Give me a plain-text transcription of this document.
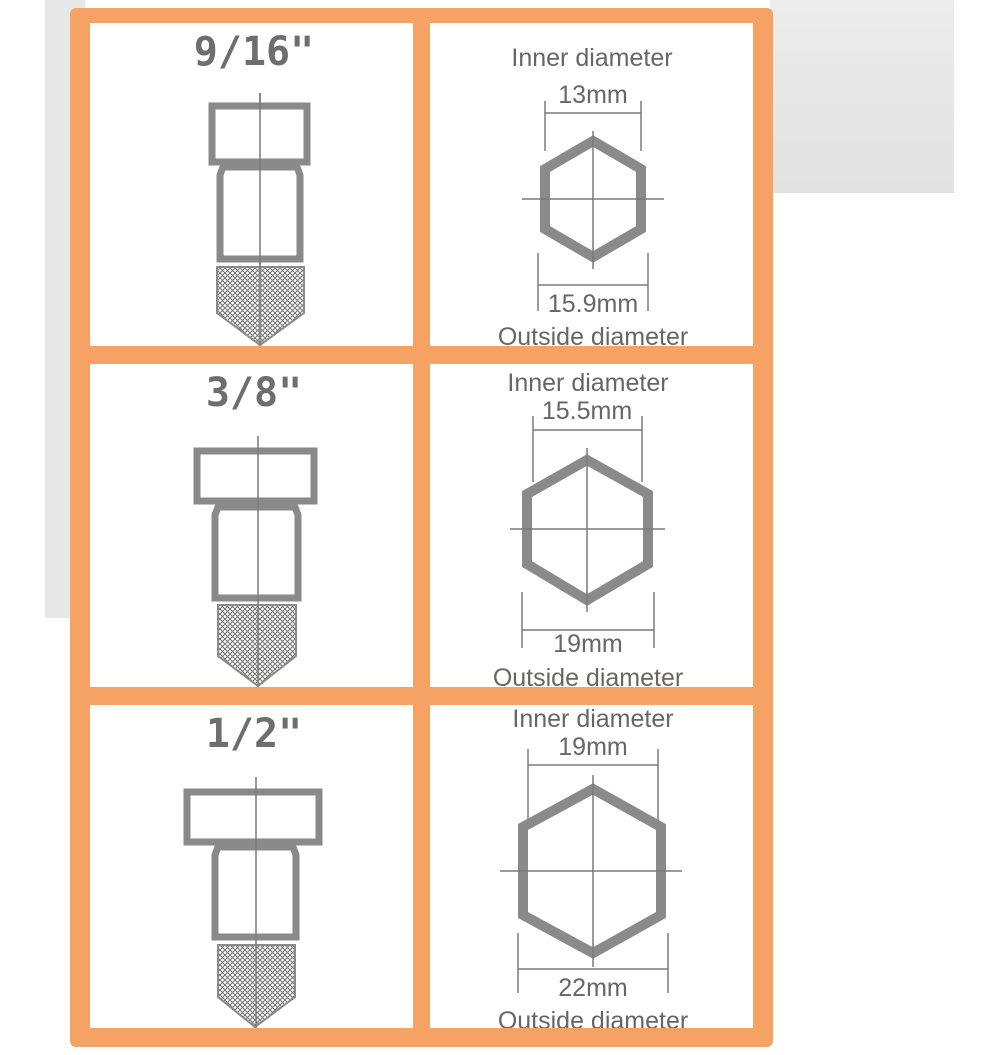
9/16"	Inner diameter
13mm
15.9mm
Outside diameter
3/8"	Inner diameter
15.5mm
19mm
Outside diameter
1/2"	Inner diameter
19mm
22mm
Outside diameter
